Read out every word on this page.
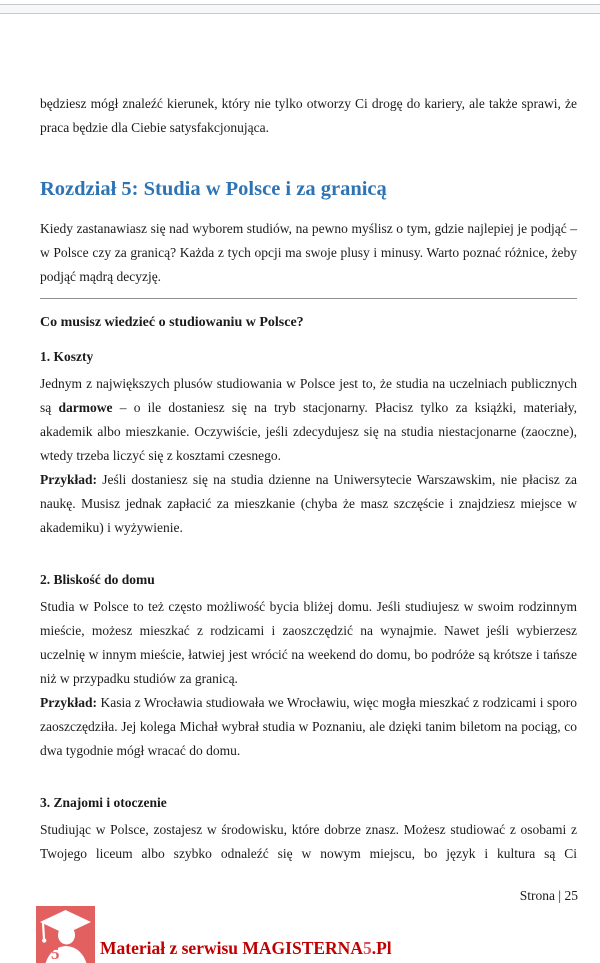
będziesz mógł znaleźć kierunek, który nie tylko otworzy Ci drogę do kariery, ale także sprawi, że praca będzie dla Ciebie satysfakcjonująca.

Rozdział 5: Studia w Polsce i za granicą

Kiedy zastanawiasz się nad wyborem studiów, na pewno myślisz o tym, gdzie najlepiej je podjąć – w Polsce czy za granicą? Każda z tych opcji ma swoje plusy i minusy. Warto poznać różnice, żeby podjąć mądrą decyzję.

Co musisz wiedzieć o studiowaniu w Polsce?
1. Koszty

Jednym z największych plusów studiowania w Polsce jest to, że studia na uczelniach publicznych są darmowe – o ile dostaniesz się na tryb stacjonarny. Płacisz tylko za książki, materiały, akademik albo mieszkanie. Oczywiście, jeśli zdecydujesz się na studia niestacjonarne (zaoczne), wtedy trzeba liczyć się z kosztami czesnego.

Przykład: Jeśli dostaniesz się na studia dzienne na Uniwersytecie Warszawskim, nie płacisz za naukę. Musisz jednak zapłacić za mieszkanie (chyba że masz szczęście i znajdziesz miejsce w akademiku) i wyżywienie.

2. Bliskość do domu

Studia w Polsce to też często możliwość bycia bliżej domu. Jeśli studiujesz w swoim rodzinnym mieście, możesz mieszkać z rodzicami i zaoszczędzić na wynajmie. Nawet jeśli wybierzesz uczelnię w innym mieście, łatwiej jest wrócić na weekend do domu, bo podróże są krótsze i tańsze niż w przypadku studiów za granicą.

Przykład: Kasia z Wrocławia studiowała we Wrocławiu, więc mogła mieszkać z rodzicami i sporo zaoszczędziła. Jej kolega Michał wybrał studia w Poznaniu, ale dzięki tanim biletom na pociąg, co dwa tygodnie mógł wracać do domu.

3. Znajomi i otoczenie

Studiując w Polsce, zostajesz w środowisku, które dobrze znasz. Możesz studiować z osobami z Twojego liceum albo szybko odnaleźć się w nowym miejscu, bo język i kultura są Ci

Strona | 25
5 Materiał z serwisu MAGISTERNA5.Pl
